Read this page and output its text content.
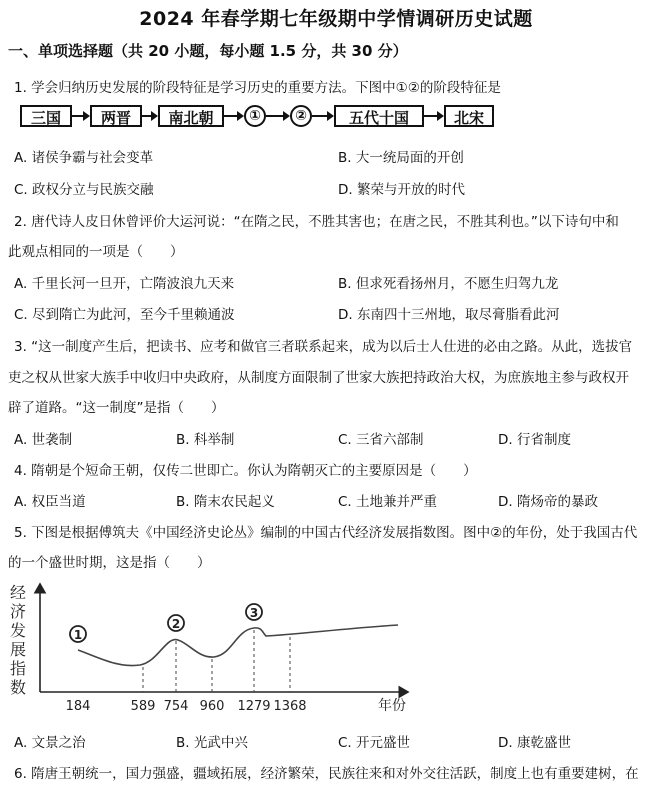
2024 年春学期七年级期中学情调研历史试题
一、单项选择题（共 20 小题，每小题 1.5 分，共 30 分）
1. 学会归纳历史发展的阶段特征是学习历史的重要方法。下图中①②的阶段特征是
三国	两晋	南北朝	①	②	五代十国	北宋
A. 诸侯争霸与社会变革	B. 大一统局面的开创
C. 政权分立与民族交融	D. 繁荣与开放的时代
2. 唐代诗人皮日休曾评价大运河说：“在隋之民，不胜其害也；在唐之民，不胜其利也。”以下诗句中和
此观点相同的一项是（　　）
A. 千里长河一旦开，亡隋波浪九天来	B. 但求死看扬州月，不愿生归驾九龙
C. 尽到隋亡为此河，至今千里赖通波	D. 东南四十三州地，取尽膏脂看此河
3. “这一制度产生后，把读书、应考和做官三者联系起来，成为以后士人仕进的必由之路。从此，选拔官
吏之权从世家大族手中收归中央政府，从制度方面限制了世家大族把持政治大权，为庶族地主参与政权开
辟了道路。“这一制度”是指（　　）
A. 世袭制	B. 科举制	C. 三省六部制	D. 行省制度
4. 隋朝是个短命王朝，仅传二世即亡。你认为隋朝灭亡的主要原因是（　　）
A. 权臣当道	B. 隋末农民起义	C. 土地兼并严重	D. 隋炀帝的暴政
5. 下图是根据傅筑夫《中国经济史论丛》编制的中国古代经济发展指数图。图中②的年份，处于我国古代
的一个盛世时期，这是指（　　）
经
济
发
展
指
数
1
2
3
184	589 754 960 1279 1368	年份
A. 文景之治	B. 光武中兴	C. 开元盛世	D. 康乾盛世
6. 隋唐王朝统一，国力强盛，疆域拓展，经济繁荣，民族往来和对外交往活跃，制度上也有重要建树，在
